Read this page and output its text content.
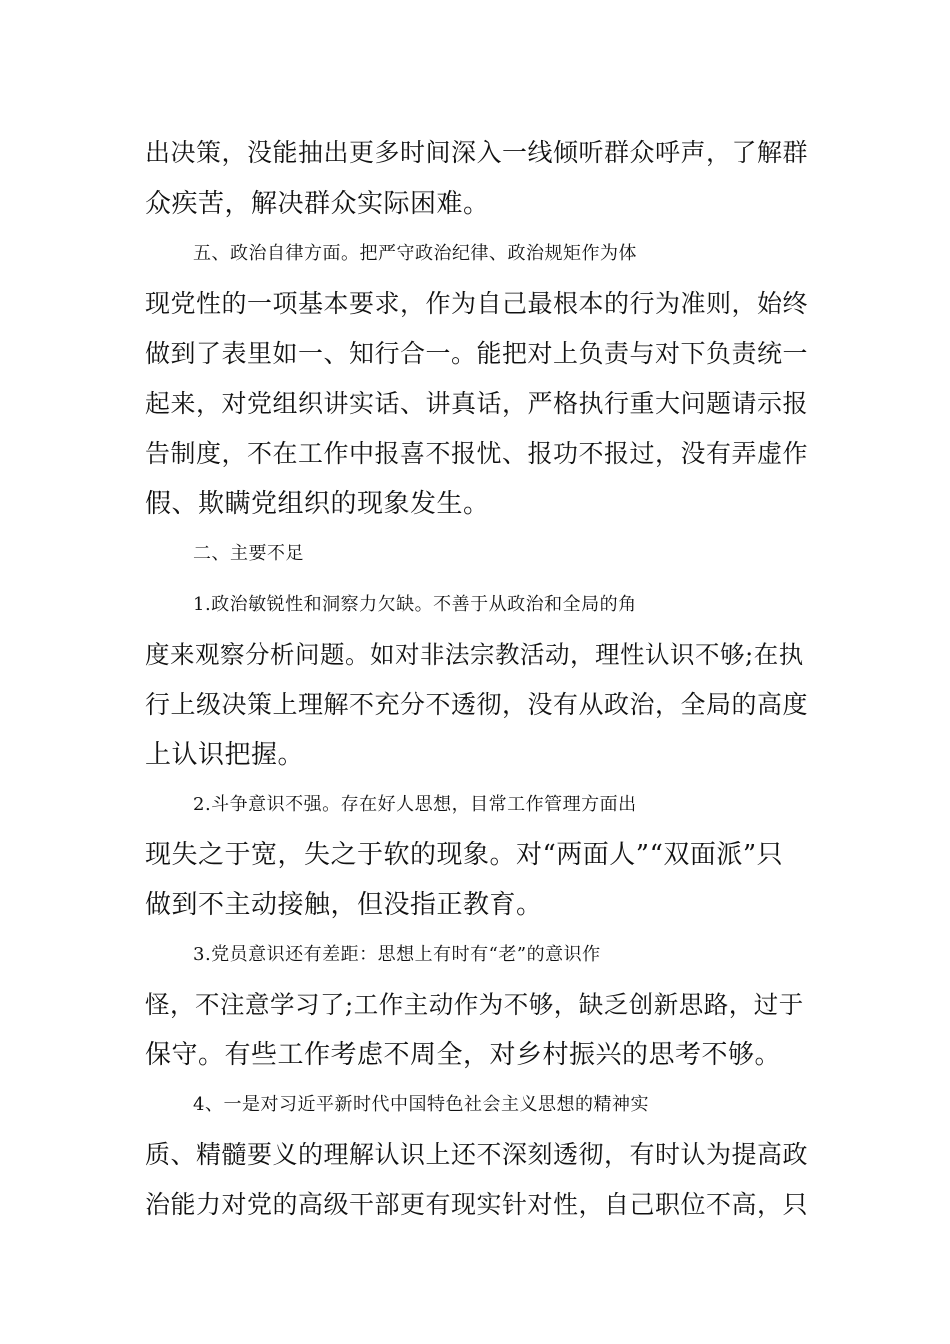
出决策，没能抽出更多时间深入一线倾听群众呼声，了解群
众疾苦，解决群众实际困难。
五、政治自律方面。把严守政治纪律、政治规矩作为体
现党性的一项基本要求，作为自己最根本的行为准则，始终
做到了表里如一、知行合一。能把对上负责与对下负责统一
起来，对党组织讲实话、讲真话，严格执行重大问题请示报
告制度，不在工作中报喜不报忧、报功不报过，没有弄虚作
假、欺瞒党组织的现象发生。
二、主要不足
1.政治敏锐性和洞察力欠缺。不善于从政治和全局的角
度来观察分析问题。如对非法宗教活动，理性认识不够;在执
行上级决策上理解不充分不透彻，没有从政治，全局的高度
上认识把握。
2.斗争意识不强。存在好人思想，目常工作管理方面出
现失之于宽，失之于软的现象。对“两面人”“双面派”只
做到不主动接触，但没指正教育。
3.党员意识还有差距：思想上有时有“老”的意识作
怪，不注意学习了;工作主动作为不够，缺乏创新思路，过于
保守。有些工作考虑不周全，对乡村振兴的思考不够。
4、一是对习近平新时代中国特色社会主义思想的精神实
质、精髓要义的理解认识上还不深刻透彻，有时认为提高政
治能力对党的高级干部更有现实针对性，自己职位不高，只
